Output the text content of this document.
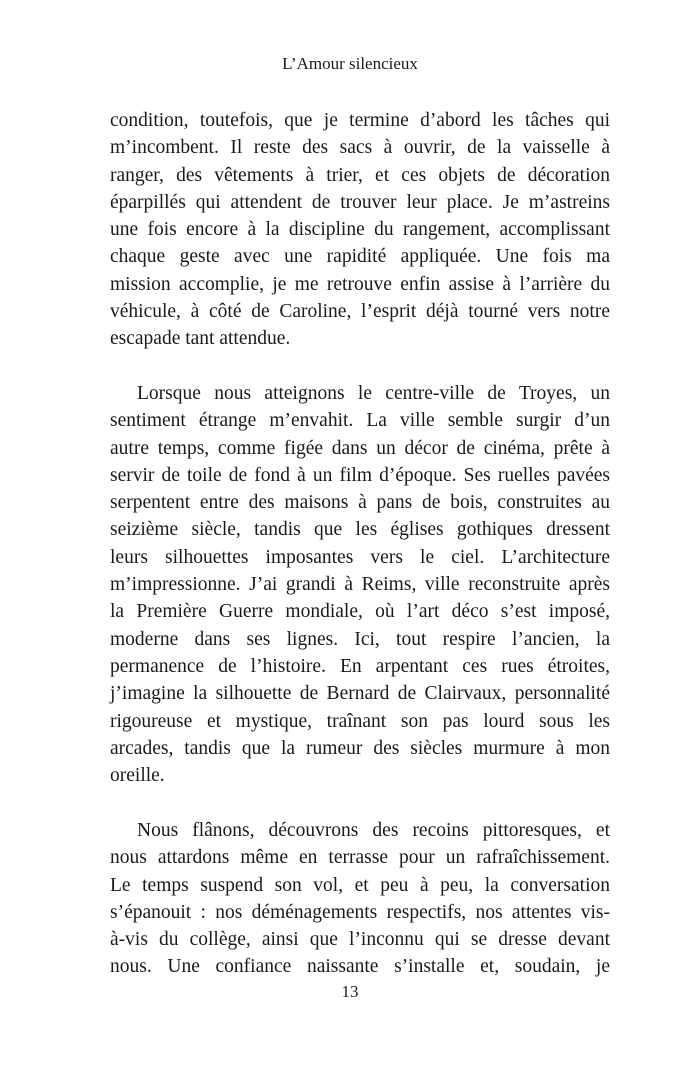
L’Amour silencieux
condition, toutefois, que je termine d’abord les tâches qui
m’incombent. Il reste des sacs à ouvrir, de la vaisselle à
ranger, des vêtements à trier, et ces objets de décoration
éparpillés qui attendent de trouver leur place. Je m’astreins
une fois encore à la discipline du rangement, accomplissant
chaque geste avec une rapidité appliquée. Une fois ma
mission accomplie, je me retrouve enfin assise à l’arrière du
véhicule, à côté de Caroline, l’esprit déjà tourné vers notre
escapade tant attendue.
Lorsque nous atteignons le centre-ville de Troyes, un
sentiment étrange m’envahit. La ville semble surgir d’un
autre temps, comme figée dans un décor de cinéma, prête à
servir de toile de fond à un film d’époque. Ses ruelles pavées
serpentent entre des maisons à pans de bois, construites au
seizième siècle, tandis que les églises gothiques dressent
leurs silhouettes imposantes vers le ciel. L’architecture
m’impressionne. J’ai grandi à Reims, ville reconstruite après
la Première Guerre mondiale, où l’art déco s’est imposé,
moderne dans ses lignes. Ici, tout respire l’ancien, la
permanence de l’histoire. En arpentant ces rues étroites,
j’imagine la silhouette de Bernard de Clairvaux, personnalité
rigoureuse et mystique, traînant son pas lourd sous les
arcades, tandis que la rumeur des siècles murmure à mon
oreille.
Nous flânons, découvrons des recoins pittoresques, et
nous attardons même en terrasse pour un rafraîchissement.
Le temps suspend son vol, et peu à peu, la conversation
s’épanouit : nos déménagements respectifs, nos attentes vis-
à-vis du collège, ainsi que l’inconnu qui se dresse devant
nous. Une confiance naissante s’installe et, soudain, je
13
